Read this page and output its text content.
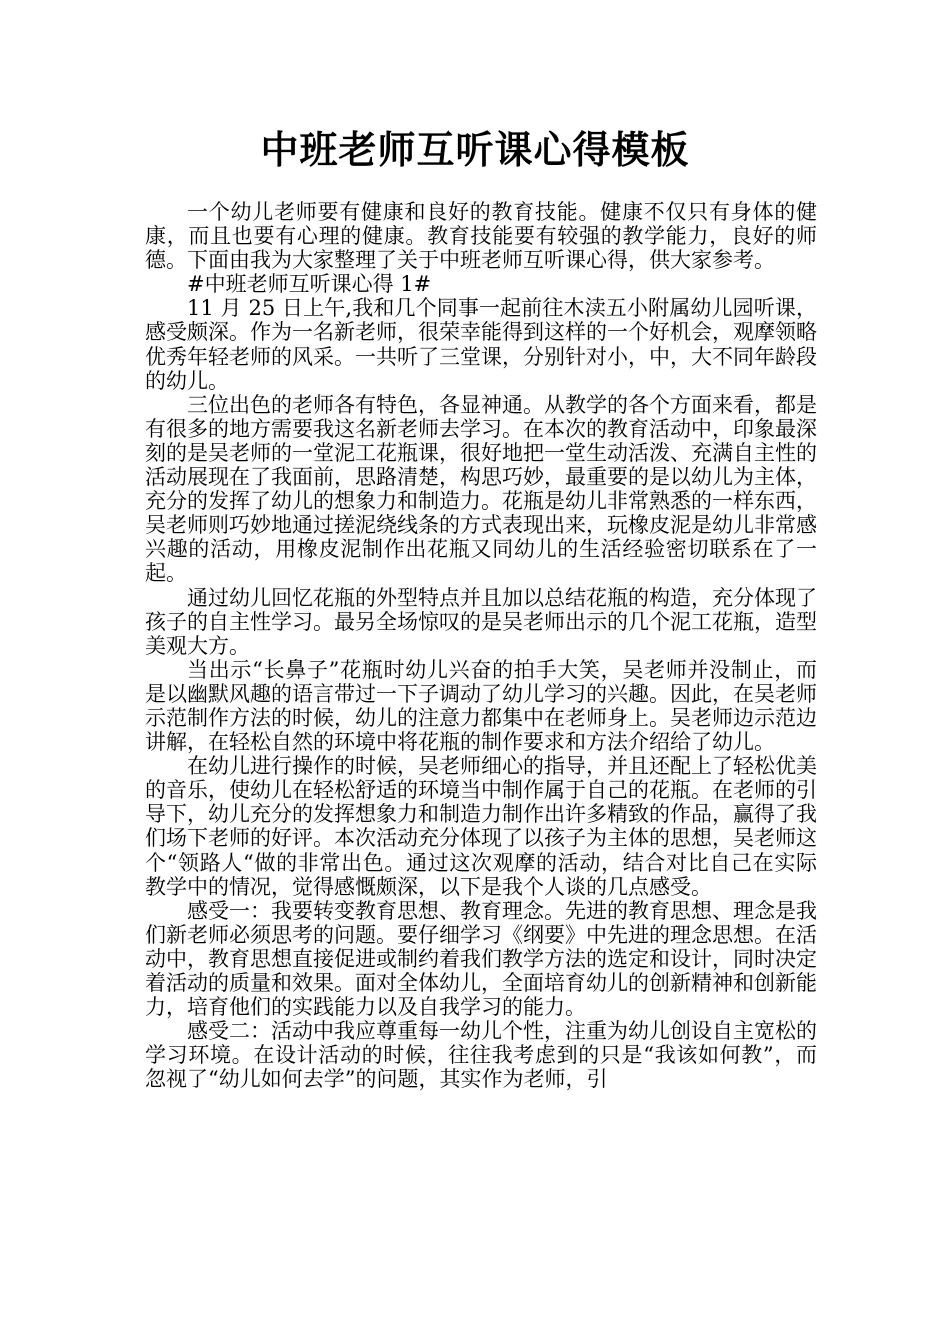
中班老师互听课心得模板

一个幼儿老师要有健康和良好的教育技能。健康不仅只有身体的健康，而且也要有心理的健康。教育技能要有较强的教学能力，良好的师德。下面由我为大家整理了关于中班老师互听课心得，供大家参考。

#中班老师互听课心得 1#

11 月 25 日上午,我和几个同事一起前往木渎五小附属幼儿园听课，感受颇深。作为一名新老师，很荣幸能得到这样的一个好机会，观摩领略优秀年轻老师的风采。一共听了三堂课，分别针对小，中，大不同年龄段的幼儿。

三位出色的老师各有特色，各显神通。从教学的各个方面来看，都是有很多的地方需要我这名新老师去学习。在本次的教育活动中，印象最深刻的是吴老师的一堂泥工花瓶课，很好地把一堂生动活泼、充满自主性的活动展现在了我面前，思路清楚，构思巧妙，最重要的是以幼儿为主体，充分的发挥了幼儿的想象力和制造力。花瓶是幼儿非常熟悉的一样东西，吴老师则巧妙地通过搓泥绕线条的方式表现出来，玩橡皮泥是幼儿非常感兴趣的活动，用橡皮泥制作出花瓶又同幼儿的生活经验密切联系在了一起。

通过幼儿回忆花瓶的外型特点并且加以总结花瓶的构造，充分体现了孩子的自主性学习。最另全场惊叹的是吴老师出示的几个泥工花瓶，造型美观大方。

当出示“长鼻子”花瓶时幼儿兴奋的拍手大笑，吴老师并没制止，而是以幽默风趣的语言带过一下子调动了幼儿学习的兴趣。因此，在吴老师示范制作方法的时候，幼儿的注意力都集中在老师身上。吴老师边示范边讲解，在轻松自然的环境中将花瓶的制作要求和方法介绍给了幼儿。

在幼儿进行操作的时候，吴老师细心的指导，并且还配上了轻松优美的音乐，使幼儿在轻松舒适的环境当中制作属于自己的花瓶。在老师的引导下，幼儿充分的发挥想象力和制造力制作出许多精致的作品，赢得了我们场下老师的好评。本次活动充分体现了以孩子为主体的思想，吴老师这个“领路人“做的非常出色。通过这次观摩的活动，结合对比自己在实际教学中的情况，觉得感慨颇深，以下是我个人谈的几点感受。

感受一：我要转变教育思想、教育理念。先进的教育思想、理念是我们新老师必须思考的问题。要仔细学习《纲要》中先进的理念思想。在活动中，教育思想直接促进或制约着我们教学方法的选定和设计，同时决定着活动的质量和效果。面对全体幼儿，全面培育幼儿的创新精神和创新能力，培育他们的实践能力以及自我学习的能力。

感受二：活动中我应尊重每一幼儿个性，注重为幼儿创设自主宽松的学习环境。在设计活动的时候，往往我考虑到的只是“我该如何教”，而忽视了“幼儿如何去学”的问题，其实作为老师，引
